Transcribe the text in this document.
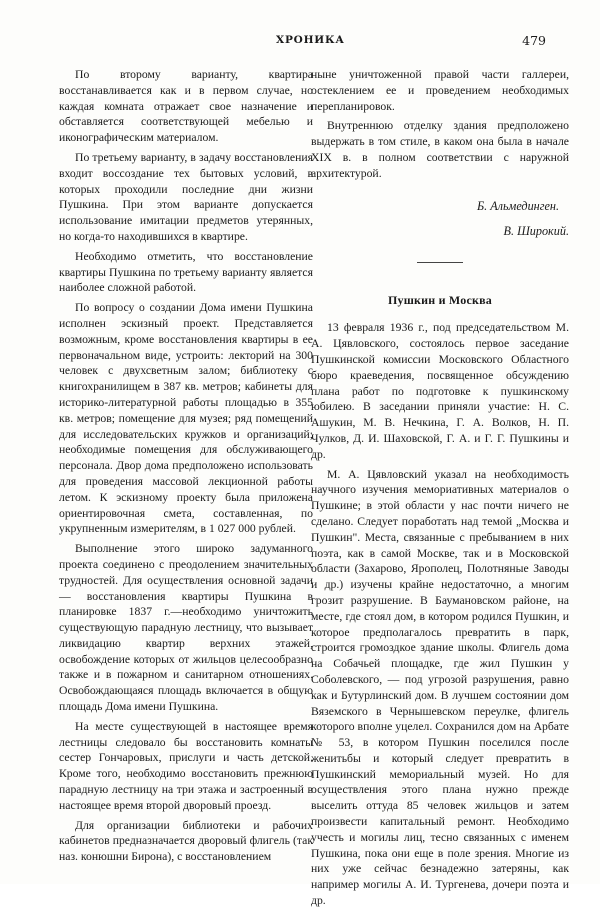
ХРОНИКА	479

По второму варианту, квартира восстанавливается как и в первом случае, но каждая комната отражает свое назначение и обставляется соответствующей мебелью и иконографическим материалом.

По третьему варианту, в задачу восстановления входит воссоздание тех бытовых условий, в которых проходили последние дни жизни Пушкина. При этом варианте допускается использование имитации предметов утерянных, но когда-то находившихся в квартире.

Необходимо отметить, что восстановление квартиры Пушкина по третьему варианту является наиболее сложной работой.

По вопросу о создании Дома имени Пушкина исполнен эскизный проект. Представляется возможным, кроме восстановления квартиры в ее первоначальном виде, устроить: лекторий на 300 человек с двухсветным залом; библиотеку с книгохранилищем в 387 кв. метров; кабинеты для историко-литературной работы площадью в 355 кв. метров; помещение для музея; ряд помещений для исследовательских кружков и организаций; необходимые помещения для обслуживающего персонала. Двор дома предположено использовать для проведения массовой лекционной работы летом. К эскизному проекту была приложена ориентировочная смета, составленная, по укрупненным измерителям, в 1 027 000 рублей.

Выполнение этого широко задуманного проекта соединено с преодолением значительных трудностей. Для осуществления основной задачи — восстановления квартиры Пушкина в планировке 1837 г.—необходимо уничтожить существующую парадную лестницу, что вызывает ликвидацию квартир верхних этажей, освобождение которых от жильцов целесообразно также и в пожарном и санитарном отношениях. Освобождающаяся площадь включается в общую площадь Дома имени Пушкина.

На месте существующей в настоящее время лестницы следовало бы восстановить комнаты сестер Гончаровых, прислуги и часть детской. Кроме того, необходимо восстановить прежнюю парадную лестницу на три этажа и застроенный в настоящее время второй дворовый проезд.

Для организации библиотеки и рабочих кабинетов предназначается дворовый флигель (так наз. конюшни Бирона), с восстановлением

ныне уничтоженной правой части галлереи, остеклением ее и проведением необходимых перепланировок.

Внутреннюю отделку здания предположено выдержать в том стиле, в каком она была в начале XIX в. в полном соответствии с наружной архитектурой.

Б. Альмединген.

В. Широкий.

Пушкин и Москва

13 февраля 1936 г., под председательством М. А. Цявловского, состоялось первое заседание Пушкинской комиссии Московского Областного бюро краеведения, посвященное обсуждению плана работ по подготовке к пушкинскому юбилею. В заседании приняли участие: Н. С. Ашукин, М. В. Нечкина, Г. А. Волков, Н. П. Чулков, Д. И. Шаховской, Г. А. и Г. Г. Пушкины и др.

М. А. Цявловский указал на необходимость научного изучения мемориативных материалов о Пушкине; в этой области у нас почти ничего не сделано. Следует поработать над темой „Москва и Пушкин". Места, связанные с пребыванием в них поэта, как в самой Москве, так и в Московской области (Захарово, Ярополец, Полотняные Заводы и др.) изучены крайне недостаточно, а многим грозит разрушение. В Баумановском районе, на месте, где стоял дом, в котором родился Пушкин, и которое предполагалось превратить в парк, строится громоздкое здание школы. Флигель дома на Собачьей площадке, где жил Пушкин у Соболевского, — под угрозой разрушения, равно как и Бутурлинский дом. В лучшем состоянии дом Вяземского в Чернышевском переулке, флигель которого вполне уцелел. Сохранился дом на Арбате № 53, в котором Пушкин поселился после женитьбы и который следует превратить в Пушкинский мемориальный музей. Но для осуществления этого плана нужно прежде выселить оттуда 85 человек жильцов и затем произвести капитальный ремонт. Необходимо учесть и могилы лиц, тесно связанных с именем Пушкина, пока они еще в поле зрения. Многие из них уже сейчас безнадежно затеряны, как например могилы А. И. Тургенева, дочери поэта и др.
